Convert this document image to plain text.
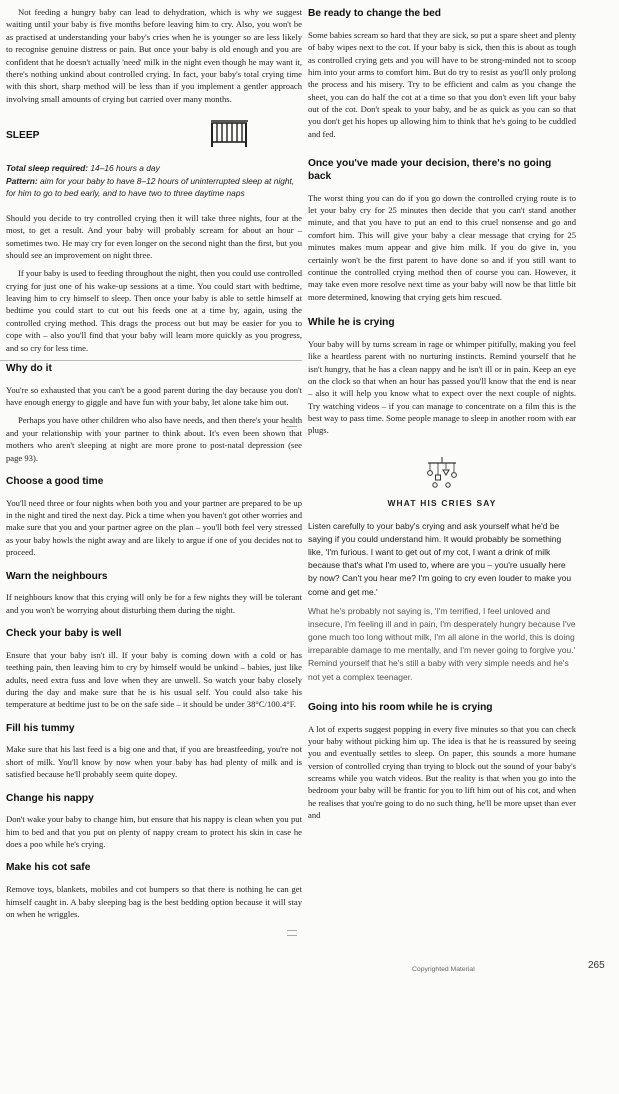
Not feeding a hungry baby can lead to dehydration, which is why we suggest waiting until your baby is five months before leaving him to cry. Also, you won't be as practised at understanding your baby's cries when he is younger so are less likely to recognise genuine distress or pain. But once your baby is old enough and you are confident that he doesn't actually 'need' milk in the night even though he may want it, there's nothing unkind about controlled crying. In fact, your baby's total crying time with this short, sharp method will be less than if you implement a gentler approach involving small amounts of crying but carried over many months.

SLEEP
Total sleep required: 14–16 hours a day
Pattern: aim for your baby to have 8–12 hours of uninterrupted sleep at night, for him to go to bed early, and to have two to three daytime naps

Should you decide to try controlled crying then it will take three nights, four at the most, to get a result. And your baby will probably scream for about an hour – sometimes two. He may cry for even longer on the second night than the first, but you should see an improvement on night three.

If your baby is used to feeding throughout the night, then you could use controlled crying for just one of his wake-up sessions at a time. You could start with bedtime, leaving him to cry himself to sleep. Then once your baby is able to settle himself at bedtime you could start to cut out his feeds one at a time by, again, using the controlled crying method. This drags the process out but may be easier for you to cope with – also you'll find that your baby will learn more quickly as you progress, and so cry for less time.

Why do it

You're so exhausted that you can't be a good parent during the day because you don't have enough energy to giggle and have fun with your baby, let alone take him out.

Perhaps you have other children who also have needs, and then there's your health and your relationship with your partner to think about. It's even been shown that mothers who aren't sleeping at night are more prone to post-natal depression (see page 93).

Choose a good time

You'll need three or four nights when both you and your partner are prepared to be up in the night and tired the next day. Pick a time when you haven't got other worries and make sure that you and your partner agree on the plan – you'll both feel very stressed as your baby howls the night away and are likely to argue if one of you decides not to proceed.

Warn the neighbours

If neighbours know that this crying will only be for a few nights they will be tolerant and you won't be worrying about disturbing them during the night.

Check your baby is well

Ensure that your baby isn't ill. If your baby is coming down with a cold or has teething pain, then leaving him to cry by himself would be unkind – babies, just like adults, need extra fuss and love when they are unwell. So watch your baby closely during the day and make sure that he is his usual self. You could also take his temperature at bedtime just to be on the safe side – it should be under 38°C/100.4°F.

Fill his tummy

Make sure that his last feed is a big one and that, if you are breastfeeding, you're not short of milk. You'll know by now when your baby has had plenty of milk and is satisfied because he'll probably seem quite dopey.

Change his nappy

Don't wake your baby to change him, but ensure that his nappy is clean when you put him to bed and that you put on plenty of nappy cream to protect his skin in case he does a poo while he's crying.

Make his cot safe

Remove toys, blankets, mobiles and cot bumpers so that there is nothing he can get himself caught in. A baby sleeping bag is the best bedding option because it will stay on when he wriggles.

Be ready to change the bed

Some babies scream so hard that they are sick, so put a spare sheet and plenty of baby wipes next to the cot. If your baby is sick, then this is about as tough as controlled crying gets and you will have to be strong-minded not to scoop him into your arms to comfort him. But do try to resist as you'll only prolong the process and his misery. Try to be efficient and calm as you change the sheet, you can do half the cot at a time so that you don't even lift your baby out of the cot. Don't speak to your baby, and be as quick as you can so that you don't get his hopes up allowing him to think that he's going to be cuddled and fed.

Once you've made your decision, there's no going back

The worst thing you can do if you go down the controlled crying route is to let your baby cry for 25 minutes then decide that you can't stand another minute, and that you have to put an end to this cruel nonsense and go and comfort him. This will give your baby a clear message that crying for 25 minutes makes mum appear and give him milk. If you do give in, you certainly won't be the first parent to have done so and if you still want to continue the controlled crying method then of course you can. However, it may take even more resolve next time as your baby will now be that little bit more determined, knowing that crying gets him rescued.

While he is crying

Your baby will by turns scream in rage or whimper pitifully, making you feel like a heartless parent with no nurturing instincts. Remind yourself that he isn't hungry, that he has a clean nappy and he isn't ill or in pain. Keep an eye on the clock so that when an hour has passed you'll know that the end is near – also it will help you know what to expect over the next couple of nights. Try watching videos – if you can manage to concentrate on a film this is the best way to pass time. Some people manage to sleep in another room with ear plugs.

WHAT HIS CRIES SAY

Listen carefully to your baby's crying and ask yourself what he'd be saying if you could understand him. It would probably be something like, 'I'm furious. I want to get out of my cot, I want a drink of milk because that's what I'm used to, where are you – you're usually here by now? Can't you hear me? I'm going to cry even louder to make you come and get me.'

What he's probably not saying is, 'I'm terrified, I feel unloved and insecure, I'm feeling ill and in pain, I'm desperately hungry because I've gone much too long without milk, I'm all alone in the world, this is doing irreparable damage to me mentally, and I'm never going to forgive you.' Remind yourself that he's still a baby with very simple needs and he's not yet a complex teenager.

Going into his room while he is crying

A lot of experts suggest popping in every five minutes so that you can check your baby without picking him up. The idea is that he is reassured by seeing you and eventually settles to sleep. On paper, this sounds a more humane version of controlled crying than trying to block out the sound of your baby's screams while you watch videos. But the reality is that when you go into the bedroom your baby will be frantic for you to lift him out of his cot, and when he realises that you're going to do no such thing, he'll be more upset than ever and

265
Copyrighted Material
